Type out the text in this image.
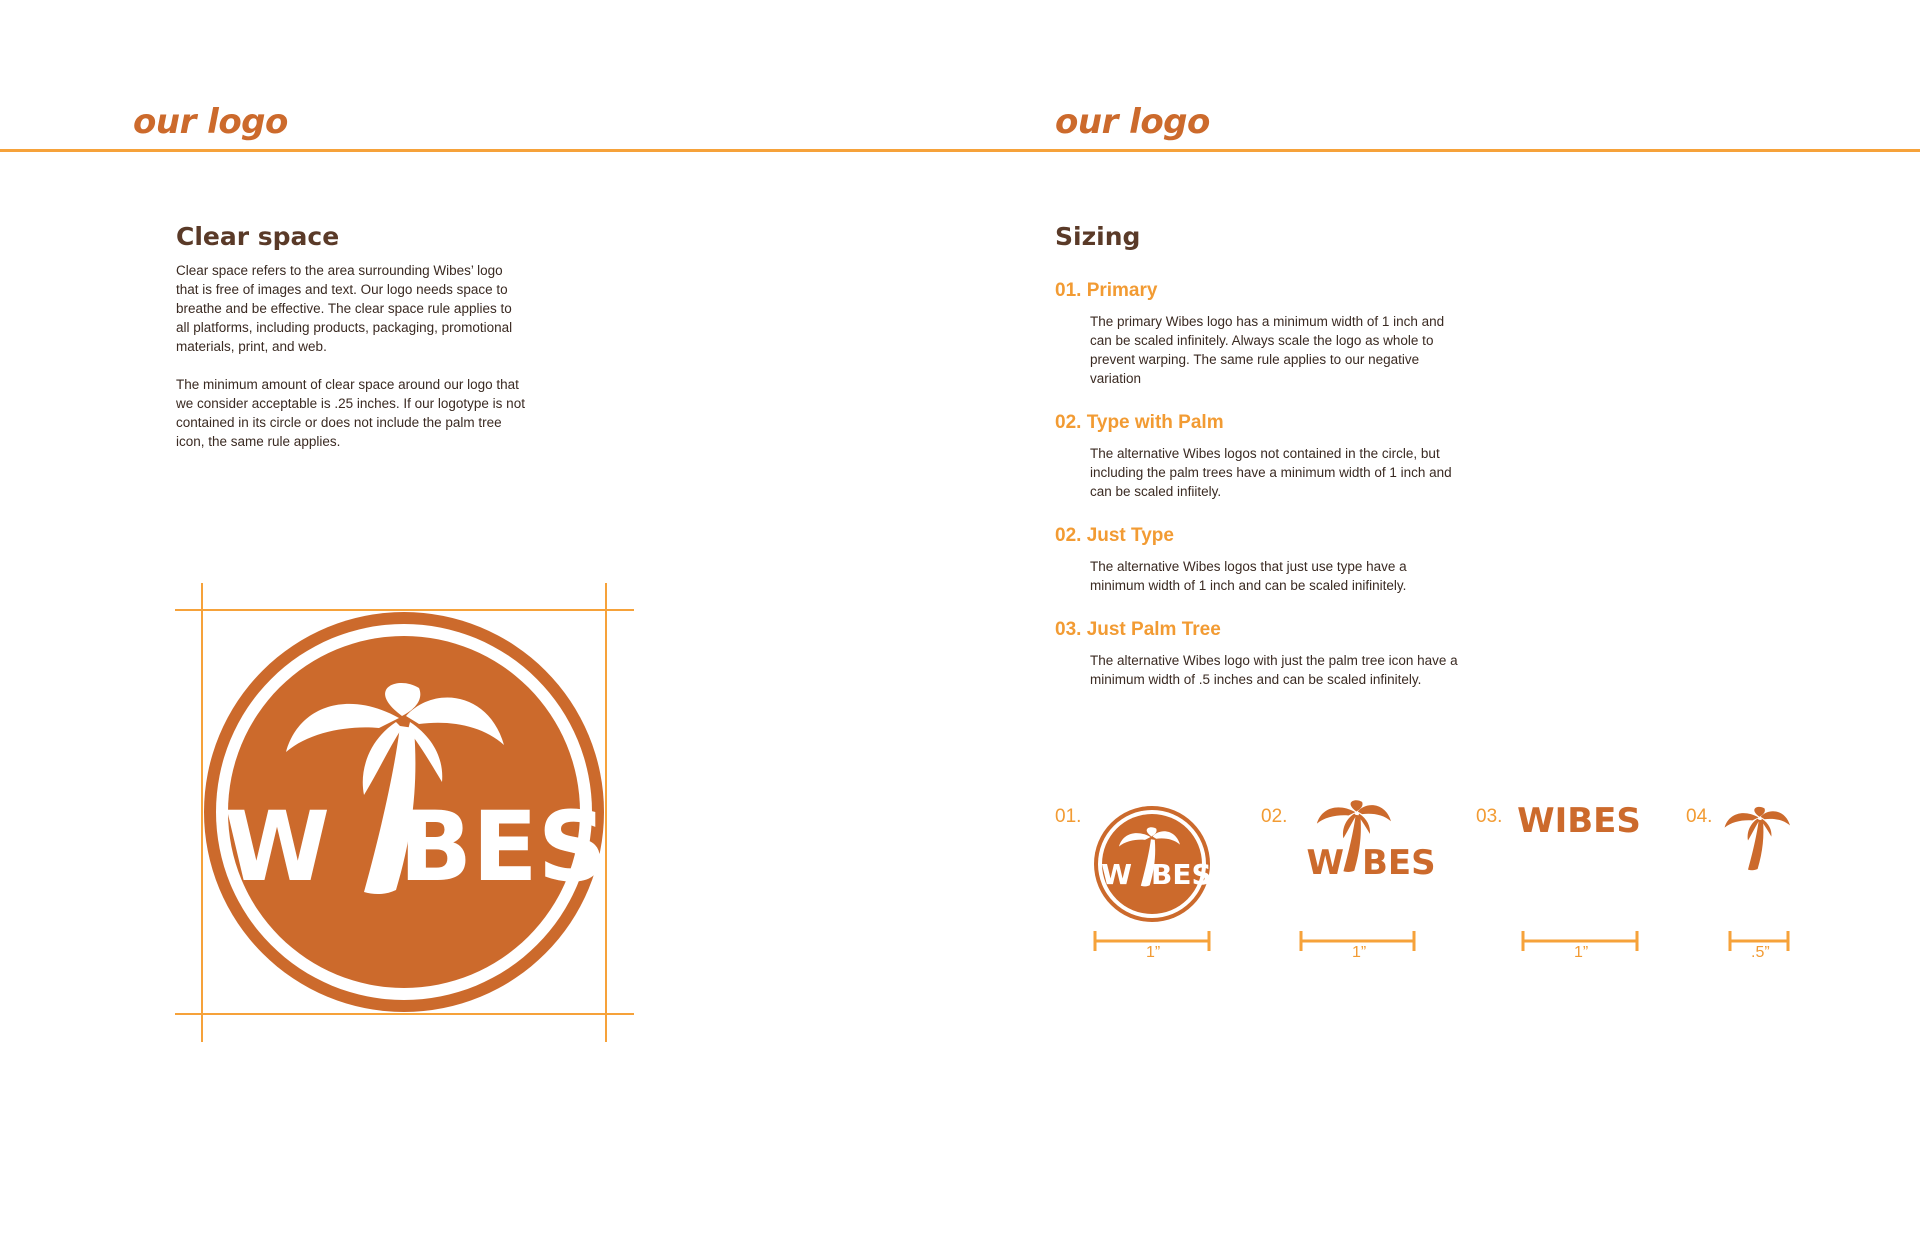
our logo
Clear space

Clear space refers to the area surrounding Wibes’ logo that is free of images and text. Our logo needs space to breathe and be effective. The clear space rule applies to all platforms, including products, packaging, promotional materials, print, and web.

The minimum amount of clear space around our logo that we consider acceptable is .25 inches. If our logotype is not contained in its circle or does not include the palm tree icon, the same rule applies.

W BES
our logo
Sizing
01. Primary

The primary Wibes logo has a minimum width of 1 inch and can be scaled infinitely. Always scale the logo as whole to prevent warping. The same rule applies to our negative variation

02. Type with Palm

The alternative Wibes logos not contained in the circle, but including the palm trees have a minimum width of 1 inch and can be scaled infiitely.

02. Just Type

The alternative Wibes logos that just use type have a minimum width of 1 inch and can be scaled inifinitely.

03. Just Palm Tree

The alternative Wibes logo with just the palm tree icon have a minimum width of .5 inches and can be scaled infinitely.

01.	02.	03.	04.
W BES	W BES
WIBES
1”	1”	1”	.5”
